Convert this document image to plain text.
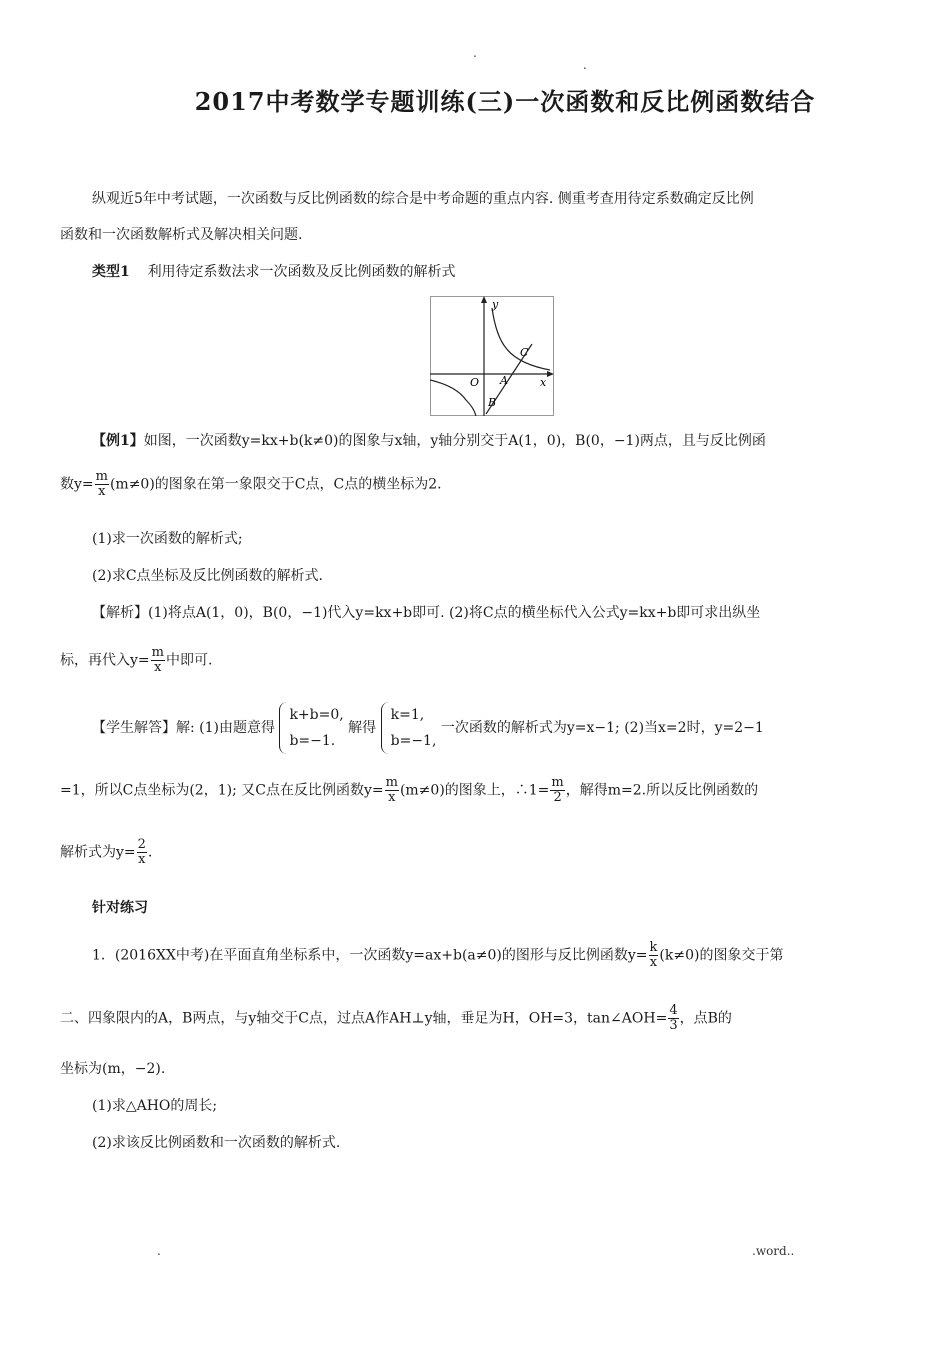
.
.
2017中考数学专题训练(三)一次函数和反比例函数结合
纵观近5年中考试题，一次函数与反比例函数的综合是中考命题的重点内容. 侧重考查用待定系数确定反比例
函数和一次函数解析式及解决相关问题.
类型1 利用待定系数法求一次函数及反比例函数的解析式
y
x
O A
B
C
【例1】如图，一次函数y=kx+b(k≠0)的图象与x轴，y轴分别交于A(1，0)，B(0，−1)两点，且与反比例函
数$y= \frac{m}{x} (m\ne 0)$的图象在第一象限交于C点，C点的横坐标为2.
(1)求一次函数的解析式;
(2)求C点坐标及反比例函数的解析式.
【解析】(1)将点A(1，0)，B(0，−1)代入y=kx+b即可. (2)将C点的横坐标代入公式y=kx+b即可求出纵坐
标，再代入$y= \frac{m}{x}$ 中即可.
【学生解答】解: (1)由题意得
k+b=0,
b=−1.
解得
k=1,
b=−1,
一次函数的解析式为y=x−1; (2)当x=2时，y=2−1
=1，所以C点坐标为(2，1); 又C点在反比例函数$y= \frac{m}{x} (m\ne 0)$的图象上，∴1= $\frac{m}{2}$ ，解得m=2.所以反比例函数的
解析式为$y= \frac{2}{x}$ .
针对练习
1．(2016XX中考)在平面直角坐标系中，一次函数y=ax+b(a≠0)的图形与反比例函数$y= \frac{k}{x} (k\ne 0)$的图象交于第
二、四象限内的A，B两点，与y轴交于C点，过点A作AH⊥y轴，垂足为H，OH=3，tan∠AOH= $\frac{4}{3}$ ，点B的
坐标为(m，−2).
(1)求△AHO的周长;
(2)求该反比例函数和一次函数的解析式.
.	.word..
